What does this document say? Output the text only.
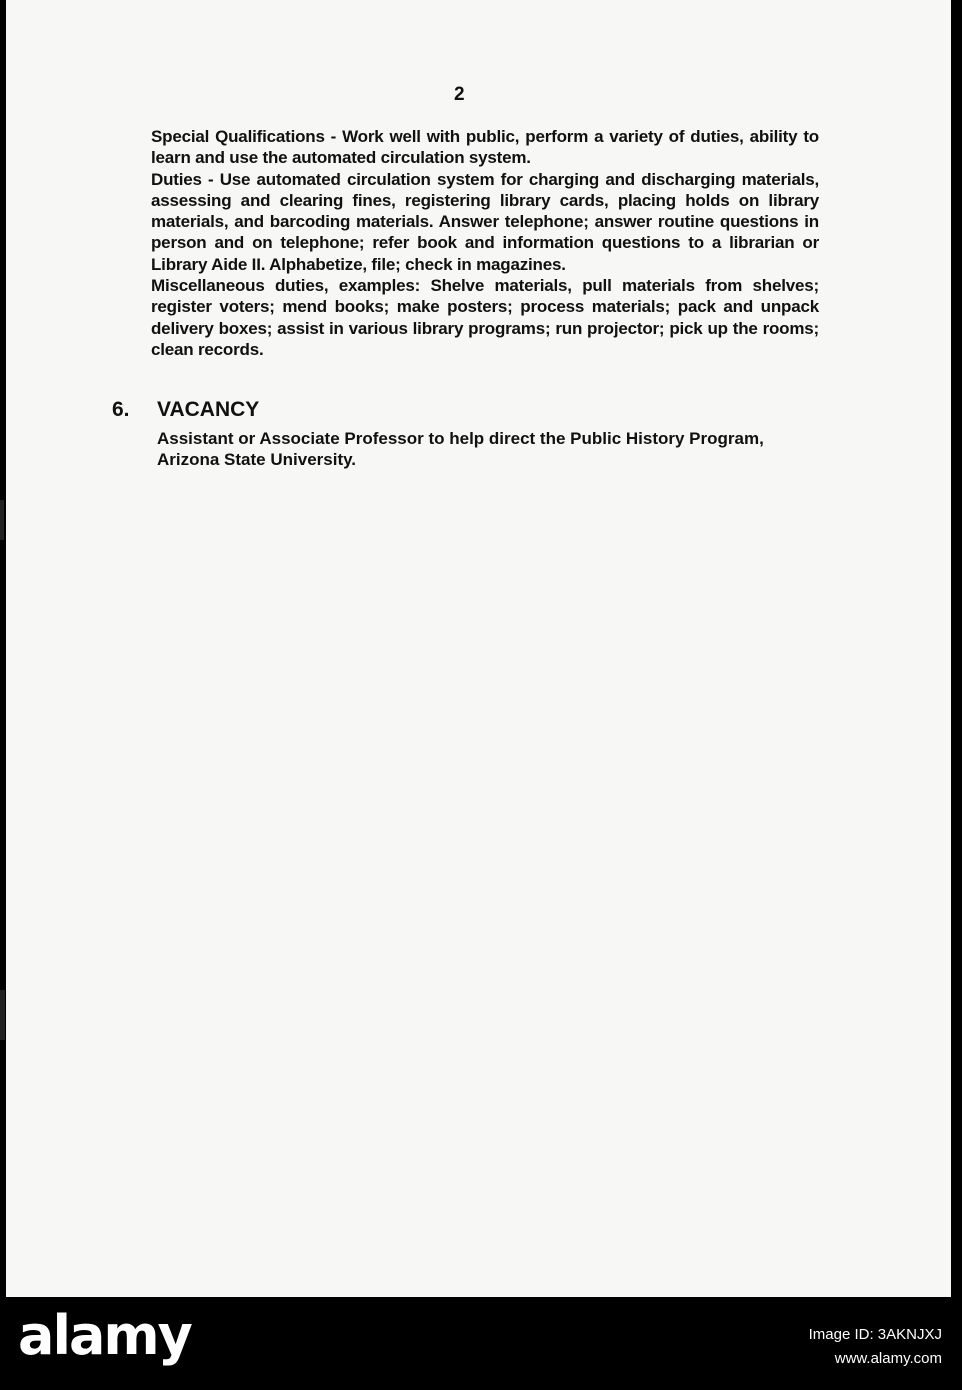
2

Special Qualifications - Work well with public, perform a variety of duties, ability to learn and use the automated circulation system.

Duties - Use automated circulation system for charging and discharging materials, assessing and clearing fines, registering library cards, placing holds on library materials, and barcoding materials. Answer telephone; answer routine questions in person and on telephone; refer book and information questions to a librarian or Library Aide II. Alphabetize, file; check in magazines.

Miscellaneous duties, examples: Shelve materials, pull materials from shelves; register voters; mend books; make posters; process materials; pack and unpack delivery boxes; assist in various library programs; run projector; pick up the rooms; clean records.

6. VACANCY
Assistant or Associate Professor to help direct the Public History Program, Arizona State University.
alamy	Image ID: 3AKNJXJ
www.alamy.com
